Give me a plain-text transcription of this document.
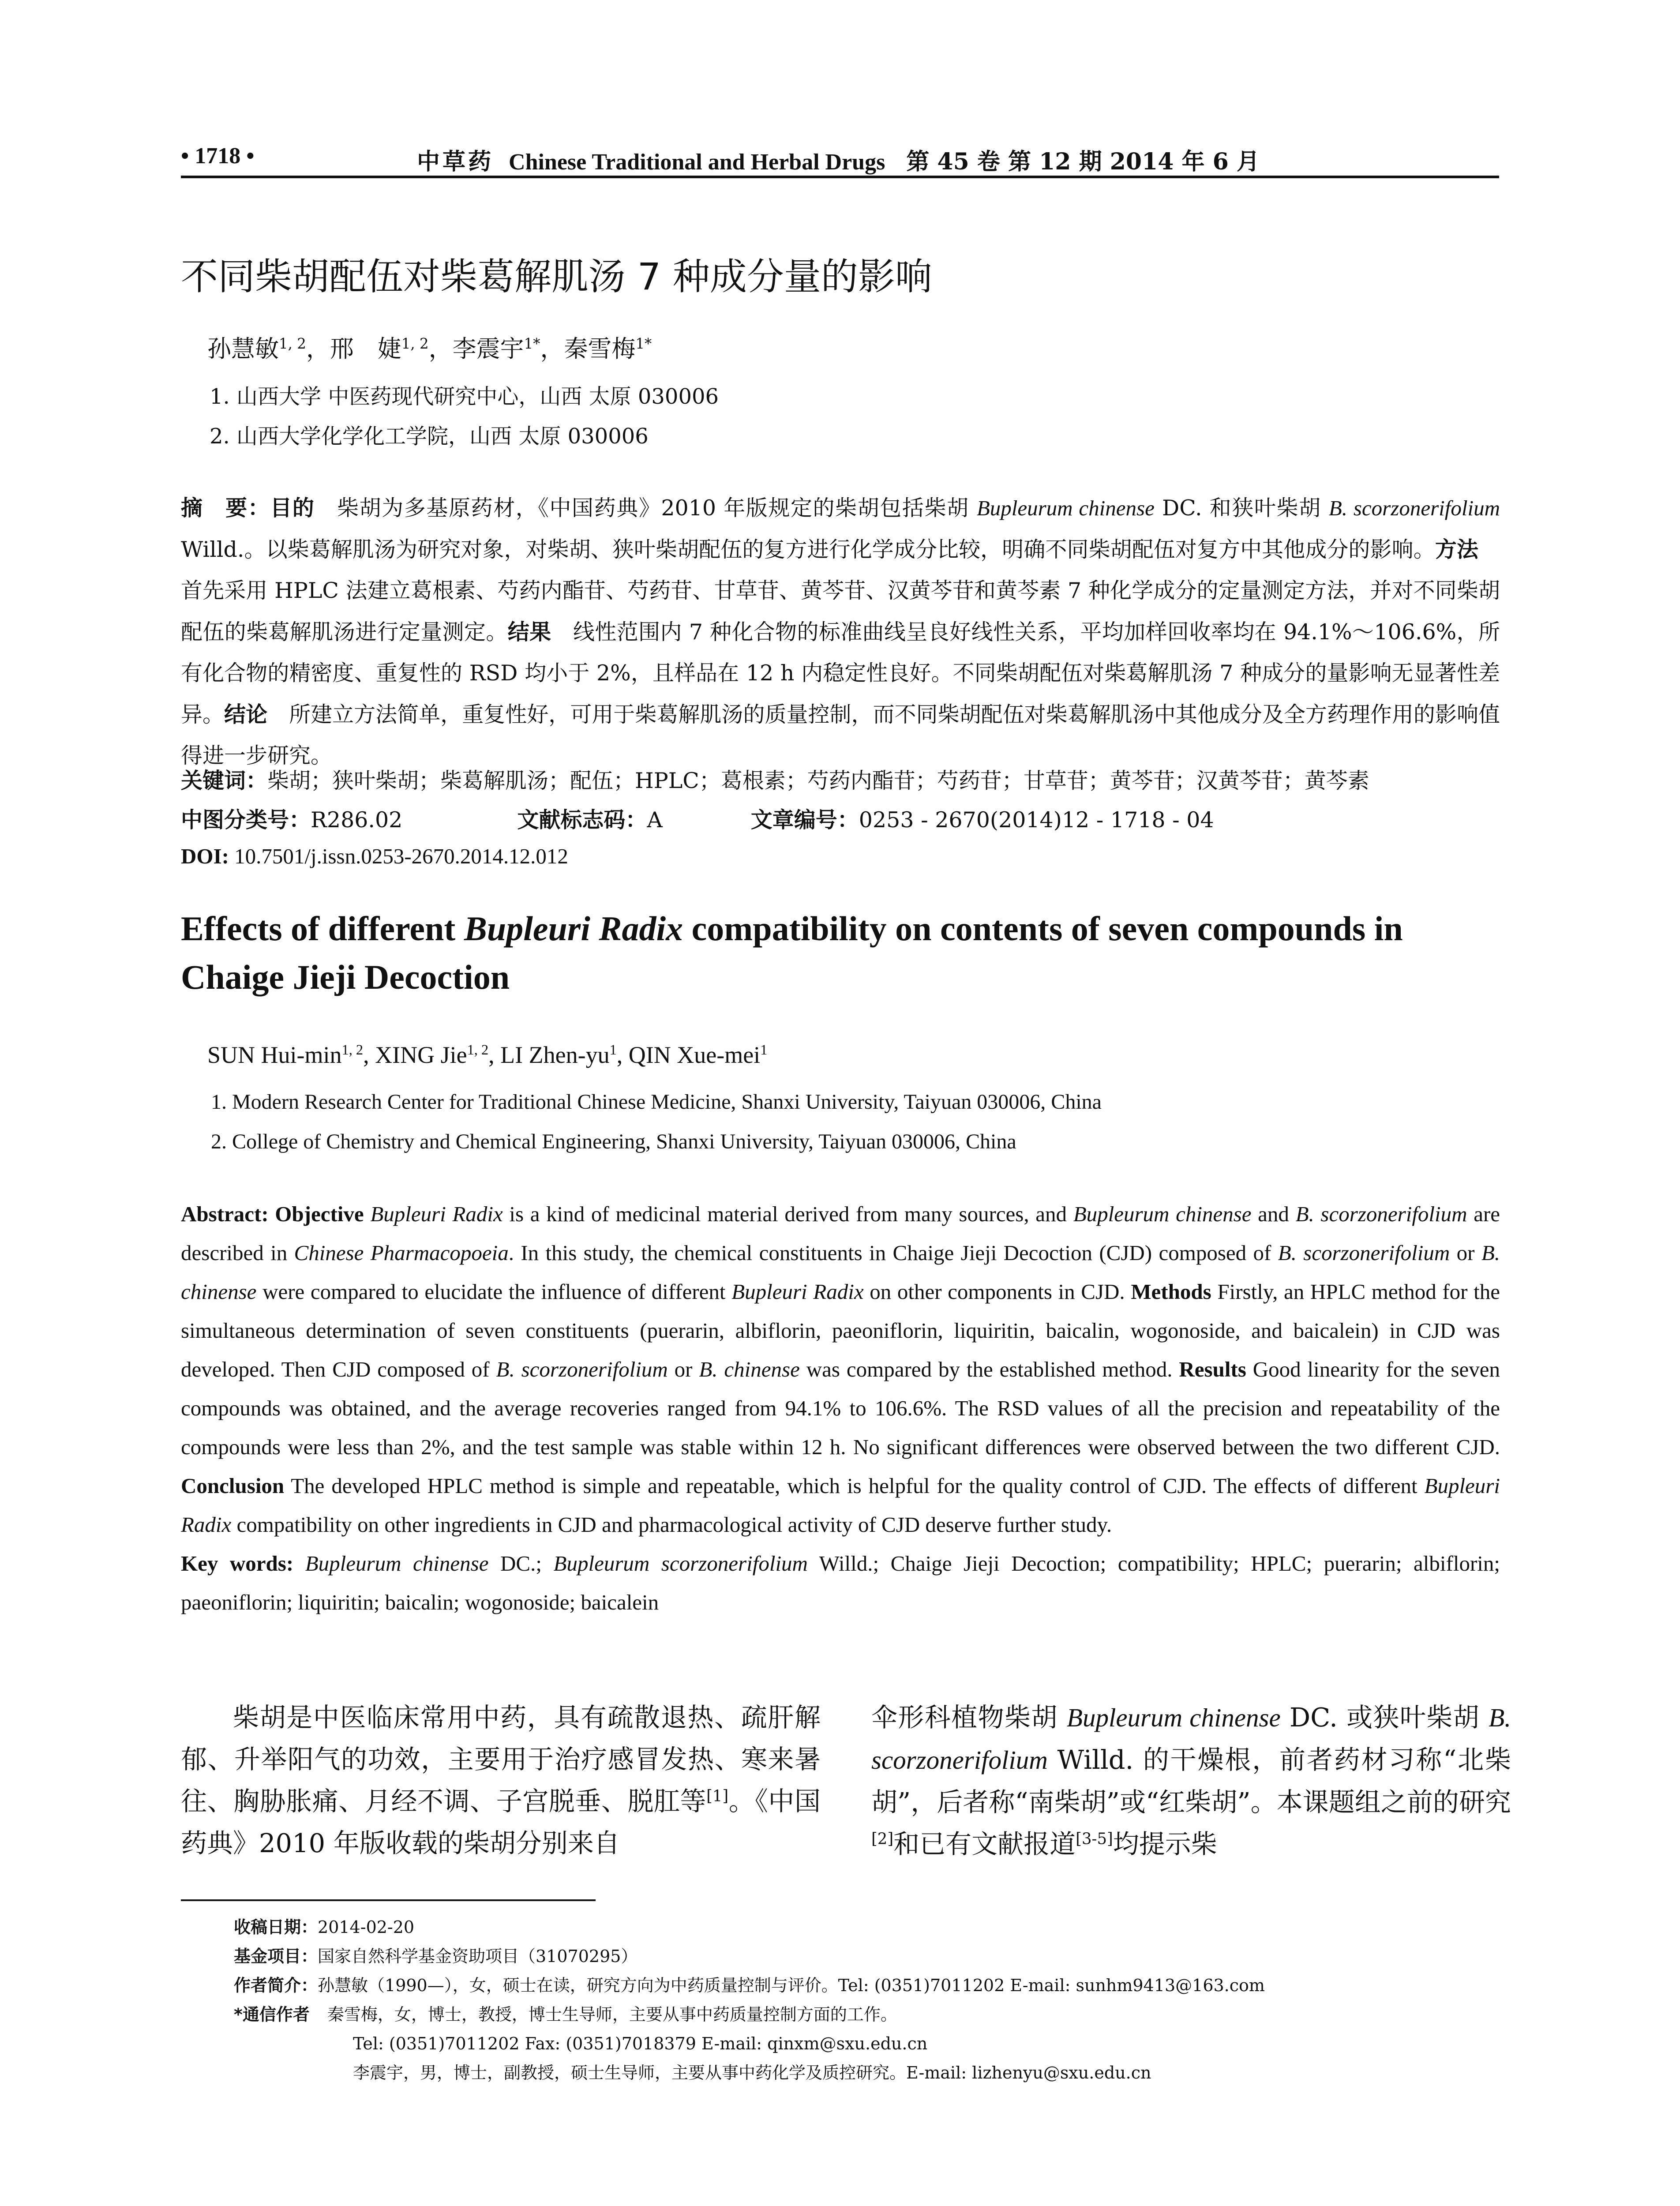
• 1718 •	中草药 Chinese Traditional and Herbal Drugs 第 45 卷 第 12 期 2014 年 6 月
不同柴胡配伍对柴葛解肌汤 7 种成分量的影响
孙慧敏$^{1, 2}$，邢　婕$^{1, 2}$，李震宇$^{1*}$，秦雪梅$^{1*}$
1. 山西大学 中医药现代研究中心，山西 太原 030006
2. 山西大学化学化工学院，山西 太原 030006
摘　要：目的　柴胡为多基原药材，《中国药典》2010 年版规定的柴胡包括柴胡 Bupleurum chinense DC. 和狭叶柴胡 B. scorzonerifolium Willd.。以柴葛解肌汤为研究对象，对柴胡、狭叶柴胡配伍的复方进行化学成分比较，明确不同柴胡配伍对复方中其他成分的影响。方法　首先采用 HPLC 法建立葛根素、芍药内酯苷、芍药苷、甘草苷、黄芩苷、汉黄芩苷和黄芩素 7 种化学成分的定量测定方法，并对不同柴胡配伍的柴葛解肌汤进行定量测定。结果　线性范围内 7 种化合物的标准曲线呈良好线性关系，平均加样回收率均在 94.1%～106.6%，所有化合物的精密度、重复性的 RSD 均小于 2%，且样品在 12 h 内稳定性良好。不同柴胡配伍对柴葛解肌汤 7 种成分的量影响无显著性差异。结论　所建立方法简单，重复性好，可用于柴葛解肌汤的质量控制，而不同柴胡配伍对柴葛解肌汤中其他成分及全方药理作用的影响值得进一步研究。
关键词：柴胡；狭叶柴胡；柴葛解肌汤；配伍；HPLC；葛根素；芍药内酯苷；芍药苷；甘草苷；黄芩苷；汉黄芩苷；黄芩素
中图分类号：R286.02	文献标志码：A	文章编号：0253 - 2670(2014)12 - 1718 - 04
DOI: 10.7501/j.issn.0253-2670.2014.12.012
Effects of different Bupleuri Radix compatibility on contents of seven compounds in Chaige Jieji Decoction
SUN Hui-$\min^{1, 2}$, XING Jie$^{1, 2}$, LI Zhen-$yu^1$, QIN Xue-mei$^1$
1. Modern Research Center for Traditional Chinese Medicine, Shanxi University, Taiyuan 030006, China
2. College of Chemistry and Chemical Engineering, Shanxi University, Taiyuan 030006, China
Abstract: Objective Bupleuri Radix is a kind of medicinal material derived from many sources, and Bupleurum chinense and B. scorzonerifolium are described in Chinese Pharmacopoeia. In this study, the chemical constituents in Chaige Jieji Decoction (CJD) composed of B. scorzonerifolium or B. chinense were compared to elucidate the influence of different Bupleuri Radix on other components in CJD. Methods Firstly, an HPLC method for the simultaneous determination of seven constituents (puerarin, albiflorin, paeoniflorin, liquiritin, baicalin, wogonoside, and baicalein) in CJD was developed. Then CJD composed of B. scorzonerifolium or B. chinense was compared by the established method. Results Good linearity for the seven compounds was obtained, and the average recoveries ranged from 94.1% to 106.6%. The RSD values of all the precision and repeatability of the compounds were less than 2%, and the test sample was stable within 12 h. No significant differences were observed between the two different CJD. Conclusion The developed HPLC method is simple and repeatable, which is helpful for the quality control of CJD. The effects of different Bupleuri Radix compatibility on other ingredients in CJD and pharmacological activity of CJD deserve further study.
Key words: Bupleurum chinense DC.; Bupleurum scorzonerifolium Willd.; Chaige Jieji Decoction; compatibility; HPLC; puerarin; albiflorin; paeoniflorin; liquiritin; baicalin; wogonoside; baicalein
柴胡是中医临床常用中药，具有疏散退热、疏肝解郁、升举阳气的功效，主要用于治疗感冒发热、寒来暑往、胸胁胀痛、月经不调、子宫脱垂、脱肛等[1]。《中国药典》2010 年版收载的柴胡分别来自
伞形科植物柴胡 Bupleurum chinense DC. 或狭叶柴胡 B. scorzonerifolium Willd. 的干燥根，前者药材习称“北柴胡”，后者称“南柴胡”或“红柴胡”。本课题组之前的研究[2]和已有文献报道[3-5]均提示柴
收稿日期：2014-02-20
基金项目：国家自然科学基金资助项目（31070295）
作者简介：孙慧敏（1990—），女，硕士在读，研究方向为中药质量控制与评价。Tel: (0351)7011202 E-mail: sunhm9413@163.com
*通信作者 秦雪梅，女，博士，教授，博士生导师，主要从事中药质量控制方面的工作。
Tel: (0351)7011202 Fax: (0351)7018379 E-mail: qinxm@sxu.edu.cn
李震宇，男，博士，副教授，硕士生导师，主要从事中药化学及质控研究。E-mail: lizhenyu@sxu.edu.cn
